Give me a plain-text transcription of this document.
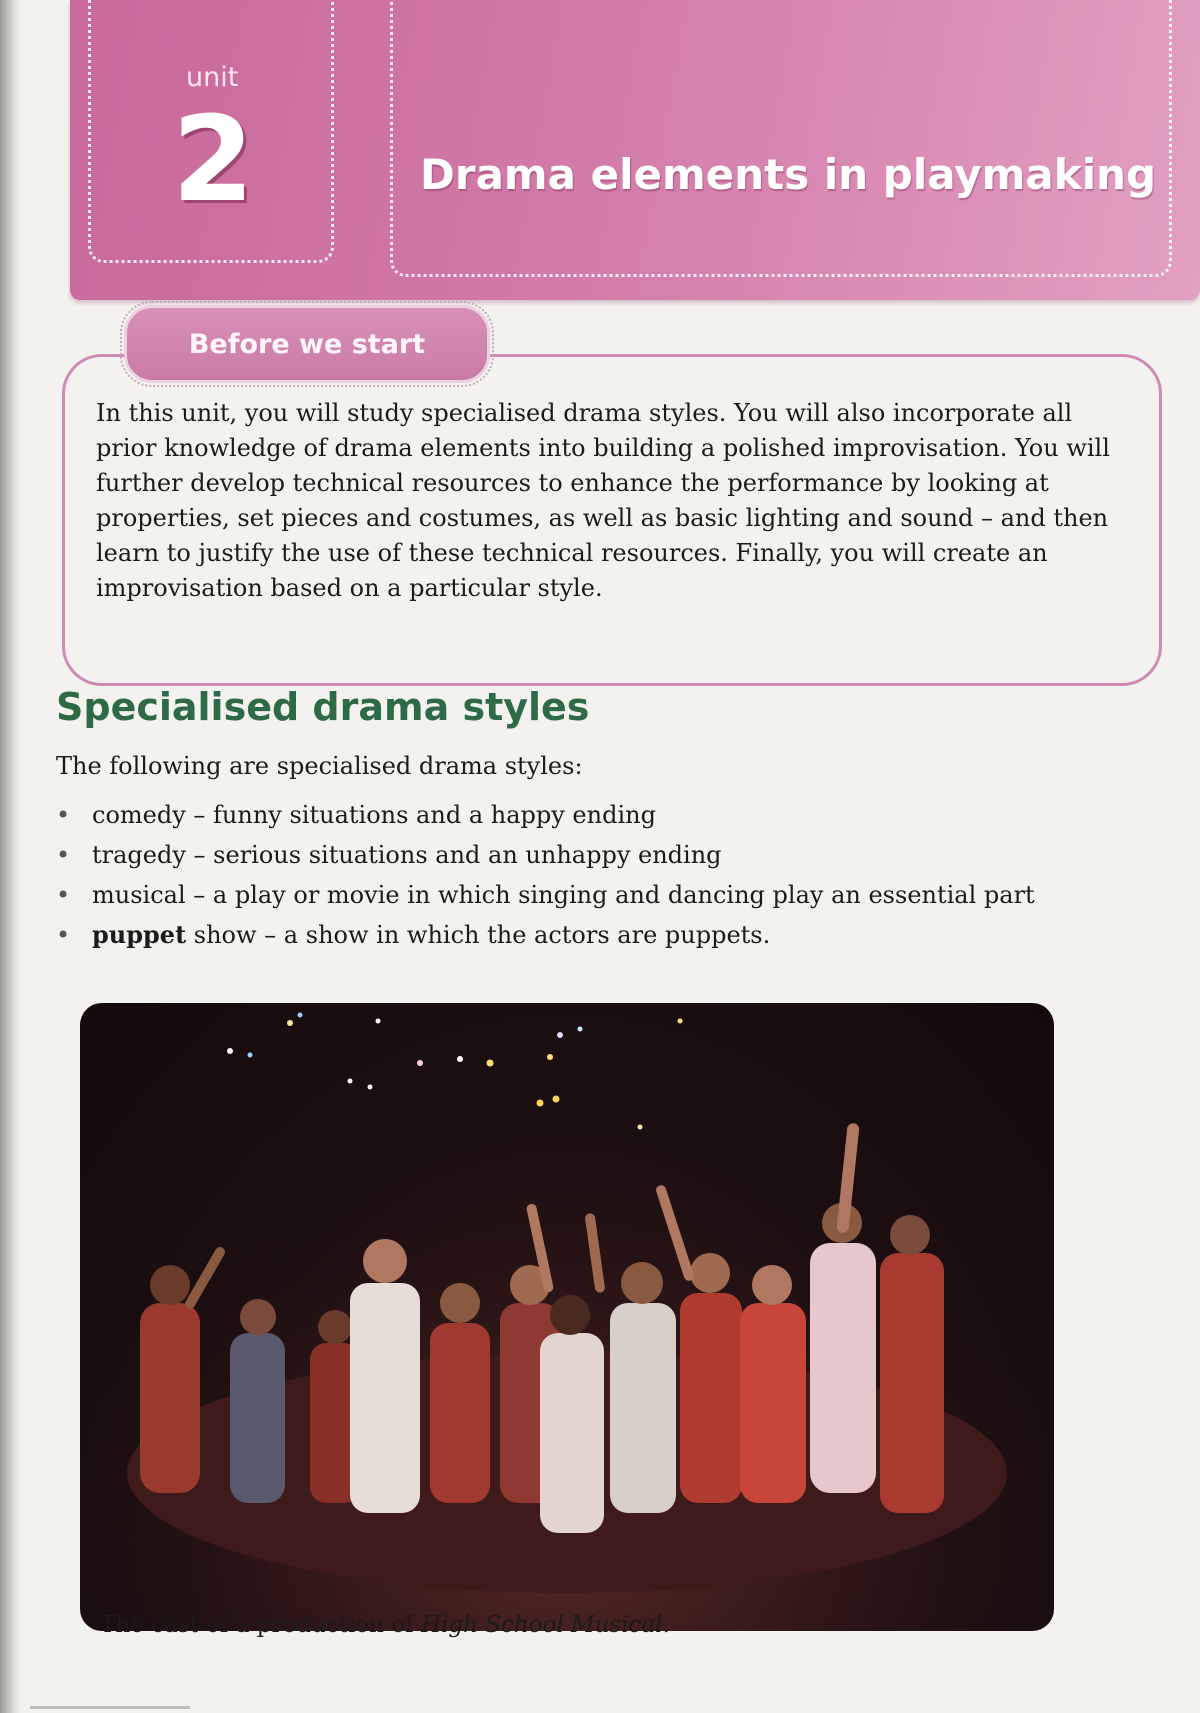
unit
2	Drama elements in playmaking
Before we start

In this unit, you will study specialised drama styles. You will also incorporate all prior knowledge of drama elements into building a polished improvisation. You will further develop technical resources to enhance the performance by looking at properties, set pieces and costumes, as well as basic lighting and sound – and then learn to justify the use of these technical resources. Finally, you will create an improvisation based on a particular style.

Specialised drama styles

The following are specialised drama styles:

• comedy – funny situations and a happy ending
• tragedy – serious situations and an unhappy ending
• musical – a play or movie in which singing and dancing play an essential part
• puppet show – a show in which the actors are puppets.

The cast of a production of High School Musical.
